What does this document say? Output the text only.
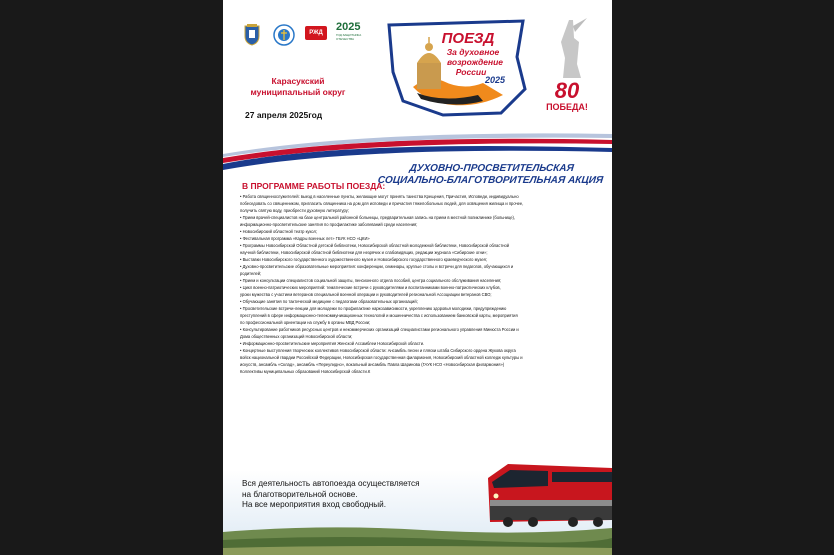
РЖД	2025
ГОД ЗАЩИТНИКА ОТЕЧЕСТВА	ПОЕЗД
За духовное
возрождение
России
2025 80
ПОБЕДА!
Карасукский муниципальный округ
27 апреля 2025год
ДУХОВНО-ПРОСВЕТИТЕЛЬСКАЯ СОЦИАЛЬНО-БЛАГОТВОРИТЕЛЬНАЯ АКЦИЯ
В ПРОГРАММЕ РАБОТЫ ПОЕЗДА:

• Работа священнослужителей: выезд в населенные пункты, желающие могут принять таинства Крещения, Причастия, Исповеди, индивидуально

побеседовать со священником, пригласить священника на дом для исповеди и причастия тяжелобольных людей, для освящения жилища и прочее,

получить святую воду, приобрести духовную литературу;

• Прием врачей-специалистов на базе центральной районной больницы, предварительная запись на прием в местной поликлинике (больнице),

информационно-просветительские занятия по профилактике заболеваний среди населения;

• Новосибирский областной театр кукол;

• Фестивальная программа «Кадры военных лет» ГБУК НСО «ЦКИ»

• Программы Новосибирской Областной детской библиотеки, Новосибирской областной молодежной библиотеки, Новосибирской областной

научной библиотеки, Новосибирской областной библиотеки для незрячих и слабовидящих, редакции журнала «Сибирские огни»;

• Выставки Новосибирского государственного художественного музея и Новосибирского государственного краеведческого музея;

• Духовно-просветительские образовательные мероприятия: конференции, семинары, круглые столы и встречи для педагогов, обучающихся и

родителей;

• Прием и консультации специалистов социальной защиты, пенсионного отдела пособий, центра социального обслуживания населения;

• Цикл военно-патриотических мероприятий: тематические встречи с руководителями и воспитанниками военно-патриотических клубов,

уроки мужества с участием ветеранов специальной военной операции и руководителей региональной Ассоциации ветеранов СВО;

• Обучающие занятия по тактической медицине с педагогами образовательных организаций;

• Просветительские встречи-лекции для молодежи по профилактике наркозависимости, укреплению здоровья молодежи, предупреждению

преступлений в сфере информационно-телекоммуникационных технологий и мошенничества с использованием банковской карты, мероприятия

по профессиональной ориентации на службу в органы МВД России;

• Консультирование работников ресурсных центров и некоммерческих организаций специалистами регионального управления Минюста России и

Дома общественных организаций Новосибирской области;

• Информационно-просветительские мероприятия Женской Ассамблеи Новосибирской области.

• Концертные выступления творческих коллективов Новосибирской области: Ансамбль песни и пляски штаба Сибирского ордена Жукова округа

войск национальной гвардии Российской Федерации, Новосибирская государственная филармония, Новосибирский областной колледж культуры и

искусств, ансамбль «Склад», ансамбль «Переулидно», вокальный ансамбль Павла Шаринова (ГАУК НСО «Новосибирская филармония»)

Коллективы муниципальных образований Новосибирской области.К

Вся деятельность автопоезда осуществляется
на благотворительной основе.
На все мероприятия вход свободный.
